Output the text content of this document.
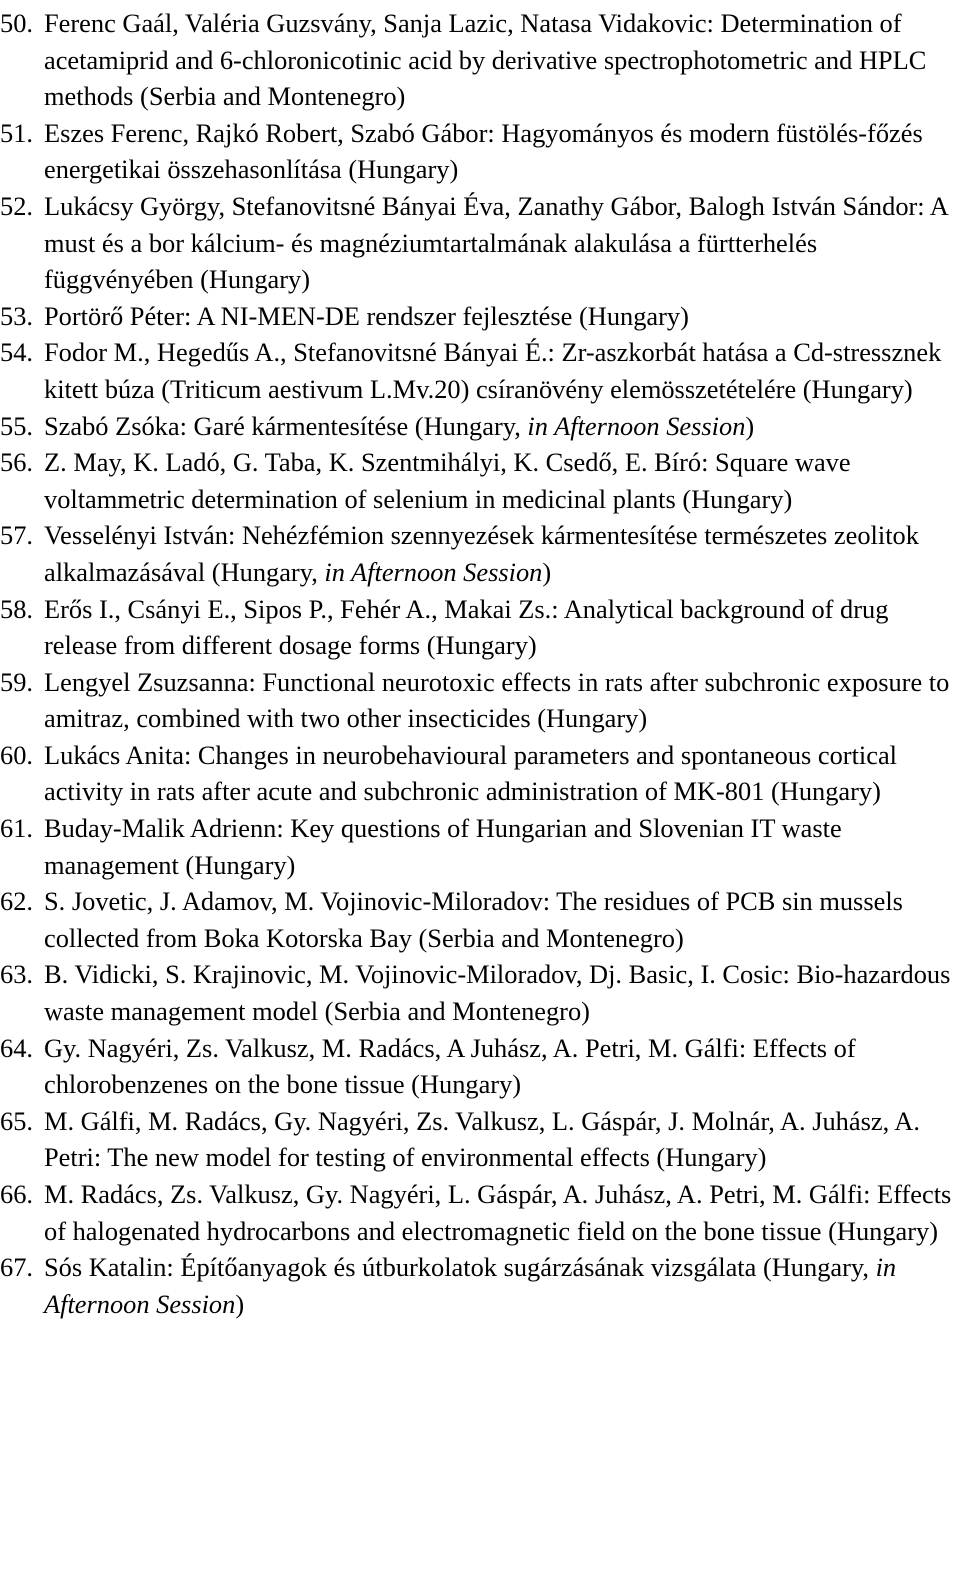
50. Ferenc Gaál, Valéria Guzsvány, Sanja Lazic, Natasa Vidakovic: Determination of acetamiprid and 6-chloronicotinic acid by derivative spectrophotometric and HPLC methods (Serbia and Montenegro)
51. Eszes Ferenc, Rajkó Robert, Szabó Gábor: Hagyományos és modern füstölés-főzés energetikai összehasonlítása (Hungary)
52. Lukácsy György, Stefanovitsné Bányai Éva, Zanathy Gábor, Balogh István Sándor: A must és a bor kálcium- és magnéziumtartalmának alakulása a fürtterhelés függvényében (Hungary)
53. Portörő Péter: A NI-MEN-DE rendszer fejlesztése (Hungary)
54. Fodor M., Hegedűs A., Stefanovitsné Bányai É.: Zr-aszkorbát hatása a Cd-stressznek kitett búza (Triticum aestivum L.Mv.20) csíranövény elemösszetételére (Hungary)
55. Szabó Zsóka: Garé kármentesítése (Hungary, in Afternoon Session)
56. Z. May, K. Ladó, G. Taba, K. Szentmihályi, K. Csedő, E. Bíró: Square wave voltammetric determination of selenium in medicinal plants (Hungary)
57. Vesselényi István: Nehézfémion szennyezések kármentesítése természetes zeolitok alkalmazásával (Hungary, in Afternoon Session)
58. Erős I., Csányi E., Sipos P., Fehér A., Makai Zs.: Analytical background of drug release from different dosage forms (Hungary)
59. Lengyel Zsuzsanna: Functional neurotoxic effects in rats after subchronic exposure to amitraz, combined with two other insecticides (Hungary)
60. Lukács Anita: Changes in neurobehavioural parameters and spontaneous cortical activity in rats after acute and subchronic administration of MK-801 (Hungary)
61. Buday-Malik Adrienn: Key questions of Hungarian and Slovenian IT waste management (Hungary)
62. S. Jovetic, J. Adamov, M. Vojinovic-Miloradov: The residues of PCB sin mussels collected from Boka Kotorska Bay (Serbia and Montenegro)
63. B. Vidicki, S. Krajinovic, M. Vojinovic-Miloradov, Dj. Basic, I. Cosic: Bio-hazardous waste management model (Serbia and Montenegro)
64. Gy. Nagyéri, Zs. Valkusz, M. Radács, A Juhász, A. Petri, M. Gálfi: Effects of chlorobenzenes on the bone tissue (Hungary)
65. M. Gálfi, M. Radács, Gy. Nagyéri, Zs. Valkusz, L. Gáspár, J. Molnár, A. Juhász, A. Petri: The new model for testing of environmental effects (Hungary)
66. M. Radács, Zs. Valkusz, Gy. Nagyéri, L. Gáspár, A. Juhász, A. Petri, M. Gálfi: Effects of halogenated hydrocarbons and electromagnetic field on the bone tissue (Hungary)
67. Sós Katalin: Építőanyagok és útburkolatok sugárzásának vizsgálata (Hungary, in Afternoon Session)
